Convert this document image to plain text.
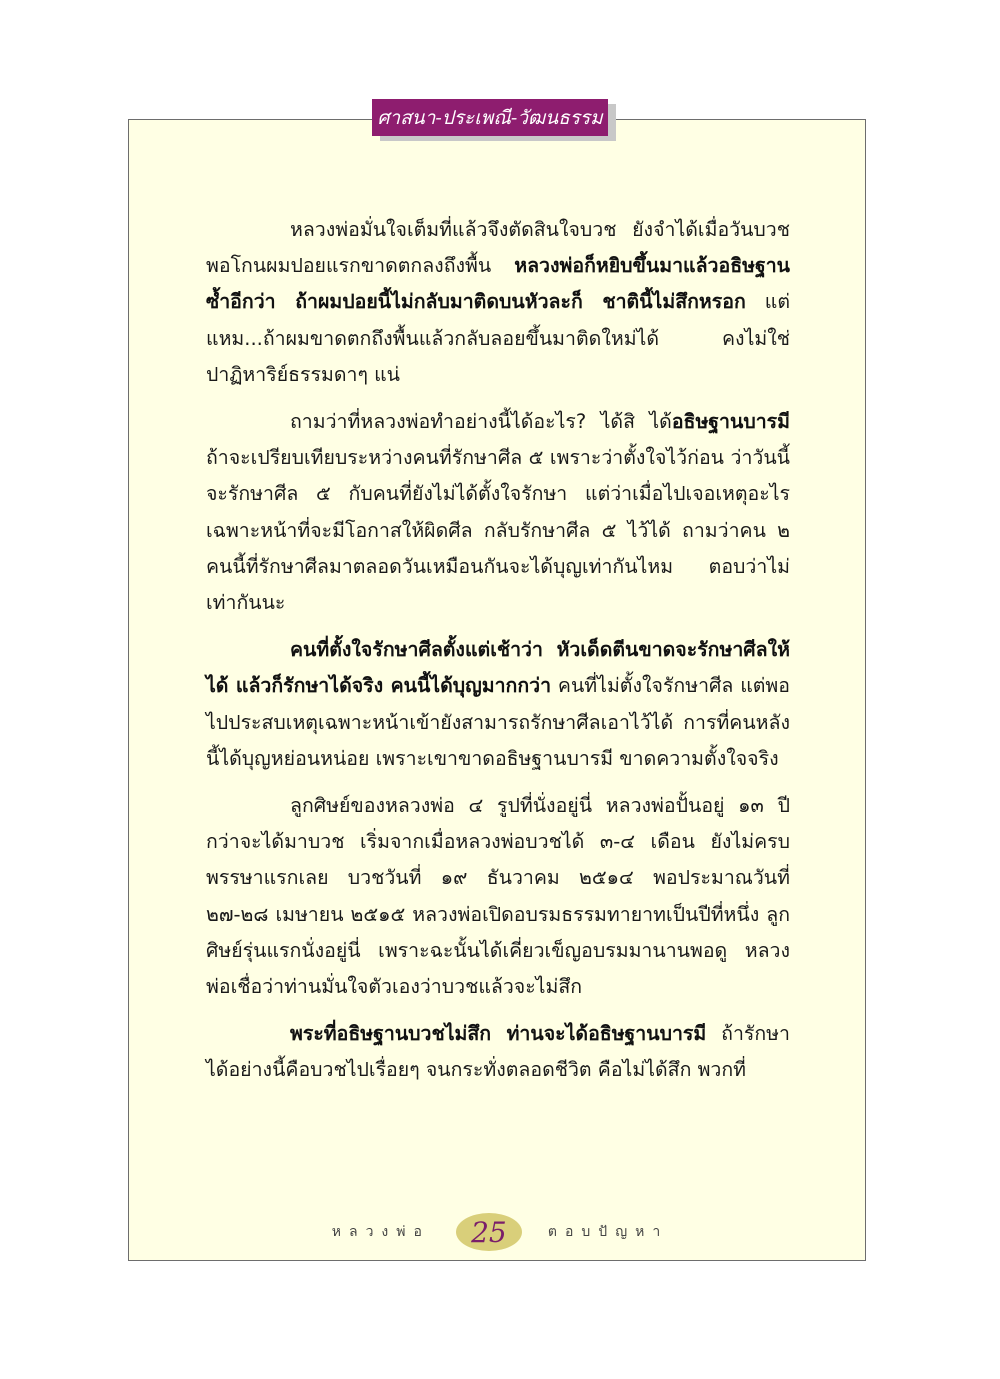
ศาสนา-ประเพณี-วัฒนธรรม

หลวงพ่อมั่นใจเต็มที่แล้วจึงตัดสินใจบวช ยังจำได้เมื่อวันบวช พอโกนผมปอยแรกขาดตกลงถึงพื้น หลวงพ่อก็หยิบขึ้นมาแล้วอธิษฐานซ้ำอีกว่า ถ้าผมปอยนี้ไม่กลับมาติดบนหัวละก็ ชาตินี้ไม่สึกหรอก แต่แหม...ถ้าผมขาดตกถึงพื้นแล้วกลับลอยขึ้นมาติดใหม่ได้ คงไม่ใช่ปาฏิหาริย์ธรรมดาๆ แน่

ถามว่าที่หลวงพ่อทำอย่างนี้ได้อะไร? ได้สิ ได้อธิษฐานบารมี ถ้าจะเปรียบเทียบระหว่างคนที่รักษาศีล ๕ เพราะว่าตั้งใจไว้ก่อน ว่าวันนี้จะรักษาศีล ๕ กับคนที่ยังไม่ได้ตั้งใจรักษา แต่ว่าเมื่อไปเจอเหตุอะไรเฉพาะหน้าที่จะมีโอกาสให้ผิดศีล กลับรักษาศีล ๕ ไว้ได้ ถามว่าคน ๒ คนนี้ที่รักษาศีลมาตลอดวันเหมือนกันจะได้บุญเท่ากันไหม ตอบว่าไม่เท่ากันนะ

คนที่ตั้งใจรักษาศีลตั้งแต่เช้าว่า หัวเด็ดตีนขาดจะรักษาศีลให้ได้ แล้วก็รักษาได้จริง คนนี้ได้บุญมากกว่า คนที่ไม่ตั้งใจรักษาศีล แต่พอไปประสบเหตุเฉพาะหน้าเข้ายังสามารถรักษาศีลเอาไว้ได้ การที่คนหลังนี้ได้บุญหย่อนหน่อย เพราะเขาขาดอธิษฐานบารมี ขาดความตั้งใจจริง

ลูกศิษย์ของหลวงพ่อ ๔ รูปที่นั่งอยู่นี่ หลวงพ่อปั้นอยู่ ๑๓ ปี กว่าจะได้มาบวช เริ่มจากเมื่อหลวงพ่อบวชได้ ๓-๔ เดือน ยังไม่ครบพรรษาแรกเลย บวชวันที่ ๑๙ ธันวาคม ๒๕๑๔ พอประมาณวันที่ ๒๗-๒๘ เมษายน ๒๕๑๕ หลวงพ่อเปิดอบรมธรรมทายาทเป็นปีที่หนึ่ง ลูกศิษย์รุ่นแรกนั่งอยู่นี่ เพราะฉะนั้นได้เคี่ยวเข็ญอบรมมานานพอดู หลวงพ่อเชื่อว่าท่านมั่นใจตัวเองว่าบวชแล้วจะไม่สึก

พระที่อธิษฐานบวชไม่สึก ท่านจะได้อธิษฐานบารมี ถ้ารักษาได้อย่างนี้คือบวชไปเรื่อยๆ จนกระทั่งตลอดชีวิต คือไม่ได้สึก พวกที่

หลวงพ่อ 25	ตอบปัญหา
